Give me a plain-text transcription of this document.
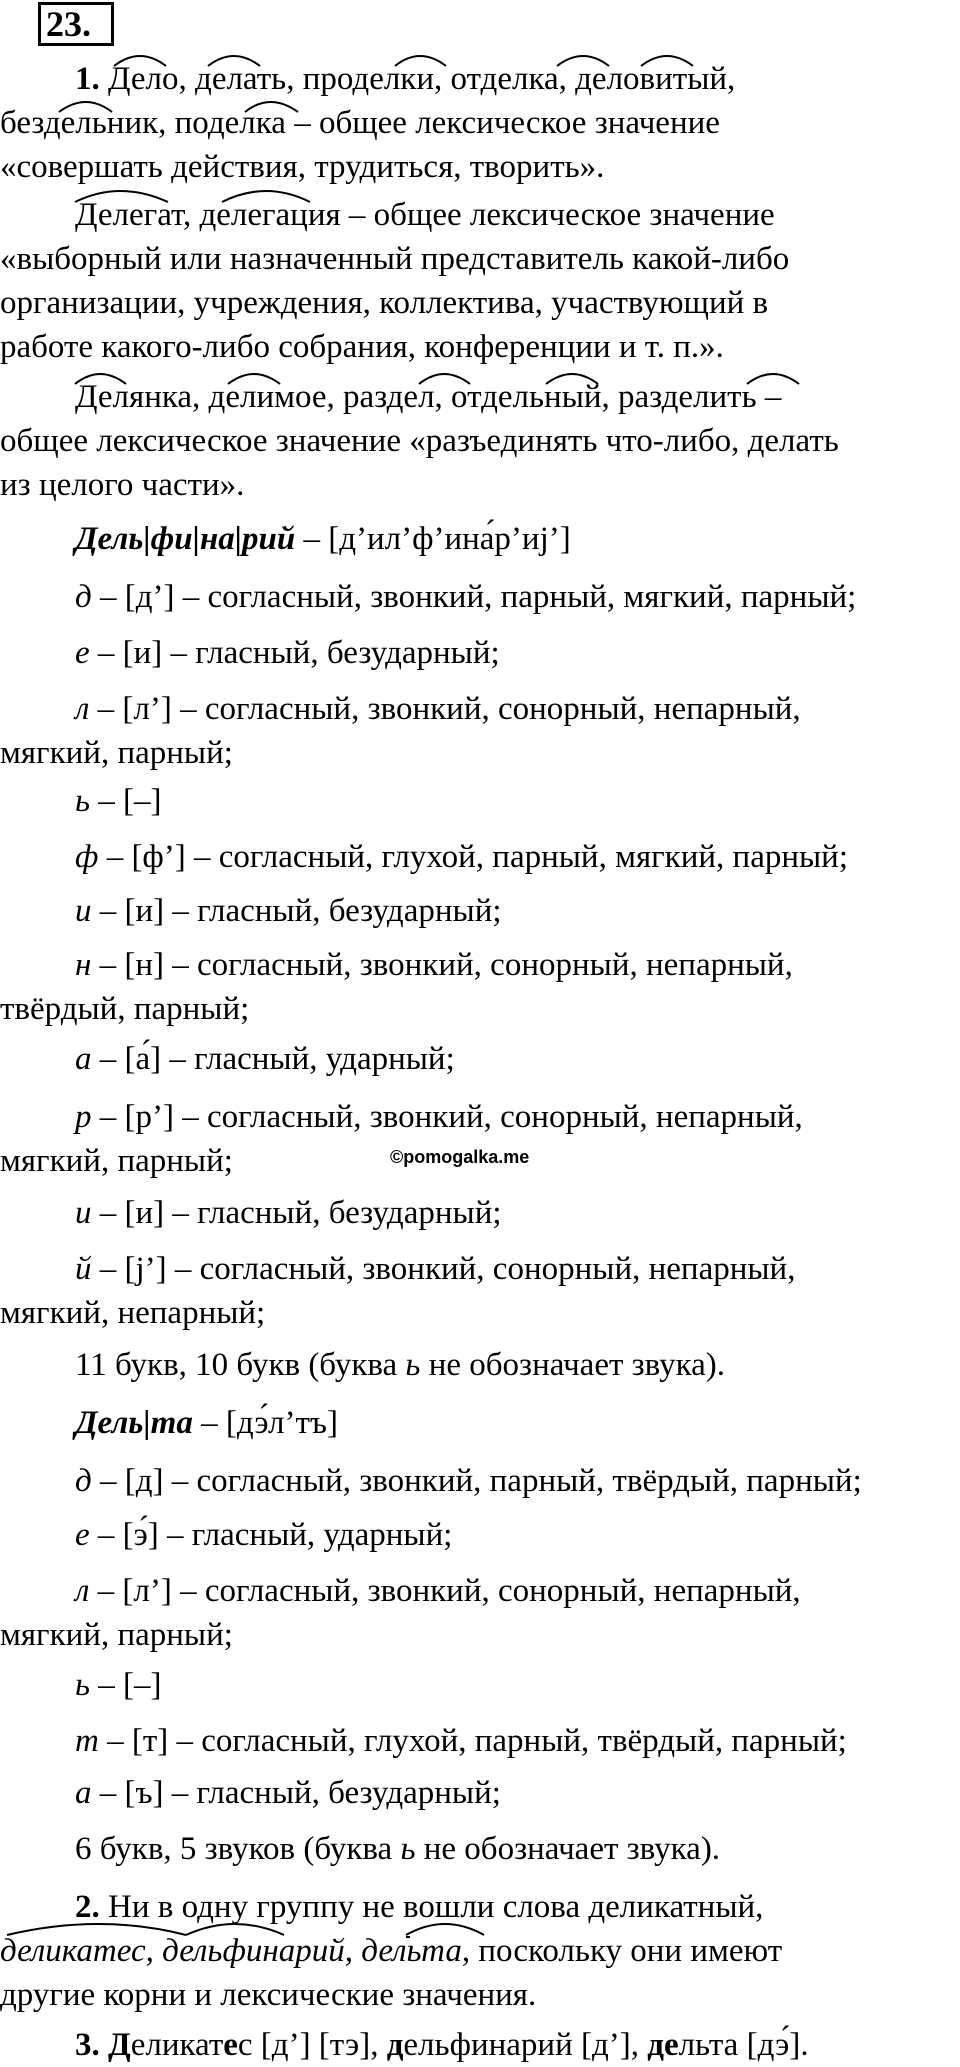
23.
1. Дело, делать, проделки, отделка, деловитый,
бездельник, поделка – общее лексическое значение
«совершать действия, трудиться, творить».
Делегат, делегация – общее лексическое значение
«выборный или назначенный представитель какой-либо
организации, учреждения, коллектива, участвующий в
работе какого-либо собрания, конференции и т. п.».
Делянка, делимое, раздел, отдельный, разделить –
общее лексическое значение «разъединять что-либо, делать
из целого части».
Дель|фи|на|рий – [д’ил’ф’ина́р’иj’]
д – [д’] – согласный, звонкий, парный, мягкий, парный;
е – [и] – гласный, безударный;
л – [л’] – согласный, звонкий, сонорный, непарный,
мягкий, парный;
ь – [–]
ф – [ф’] – согласный, глухой, парный, мягкий, парный;
и – [и] – гласный, безударный;
н – [н] – согласный, звонкий, сонорный, непарный,
твёрдый, парный;
а – [а́] – гласный, ударный;
р – [р’] – согласный, звонкий, сонорный, непарный,
мягкий, парный;
и – [и] – гласный, безударный;
й – [j’] – согласный, звонкий, сонорный, непарный,
мягкий, непарный;
11 букв, 10 букв (буква ь не обозначает звука).
©pomogalka.me
Дель|та – [дэ́л’тъ]
д – [д] – согласный, звонкий, парный, твёрдый, парный;
е – [э́] – гласный, ударный;
л – [л’] – согласный, звонкий, сонорный, непарный,
мягкий, парный;
ь – [–]
т – [т] – согласный, глухой, парный, твёрдый, парный;
а – [ъ] – гласный, безударный;
6 букв, 5 звуков (буква ь не обозначает звука).
2. Ни в одну группу не вошли слова деликатный,
деликатес, дельфинарий, дельта, поскольку они имеют
другие корни и лексические значения.
3. Деликатес [д’] [тэ], дельфинарий [д’], дельта [дэ́].
